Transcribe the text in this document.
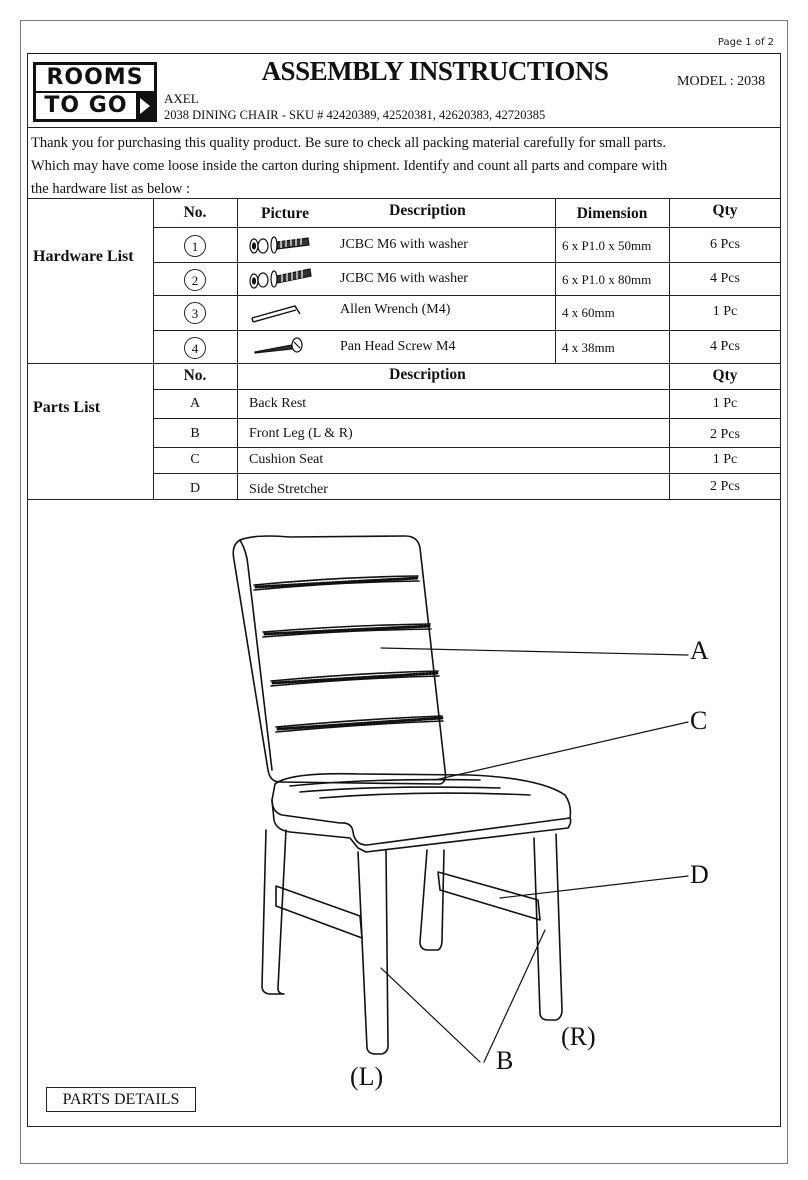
Page 1 of 2
ROOMS
TO GO
ASSEMBLY INSTRUCTIONS	MODEL : 2038
AXEL
2038 DINING CHAIR - SKU # 42420389, 42520381, 42620383, 42720385
Thank you for purchasing this quality product. Be sure to check all packing material carefully for small parts.
Which may have come loose inside the carton during shipment. Identify and count all parts and compare with
the hardware list as below :
Hardware List
No.	Picture	Description	Dimension	Qty
1	JCBC M6 with washer	6 x P1.0 x 50mm	6 Pcs
2	JCBC M6 with washer	6 x P1.0 x 80mm	4 Pcs
3	Allen Wrench (M4)	4 x 60mm	1 Pc
4	Pan Head Screw M4	4 x 38mm	4 Pcs
Parts List
No.	Description	Qty
A	Back Rest	1 Pc
B	Front Leg (L & R)	2 Pcs
C	Cushion Seat	1 Pc
D	Side Stretcher	2 Pcs
A
C
D
B
(L)
(R)
PARTS DETAILS
